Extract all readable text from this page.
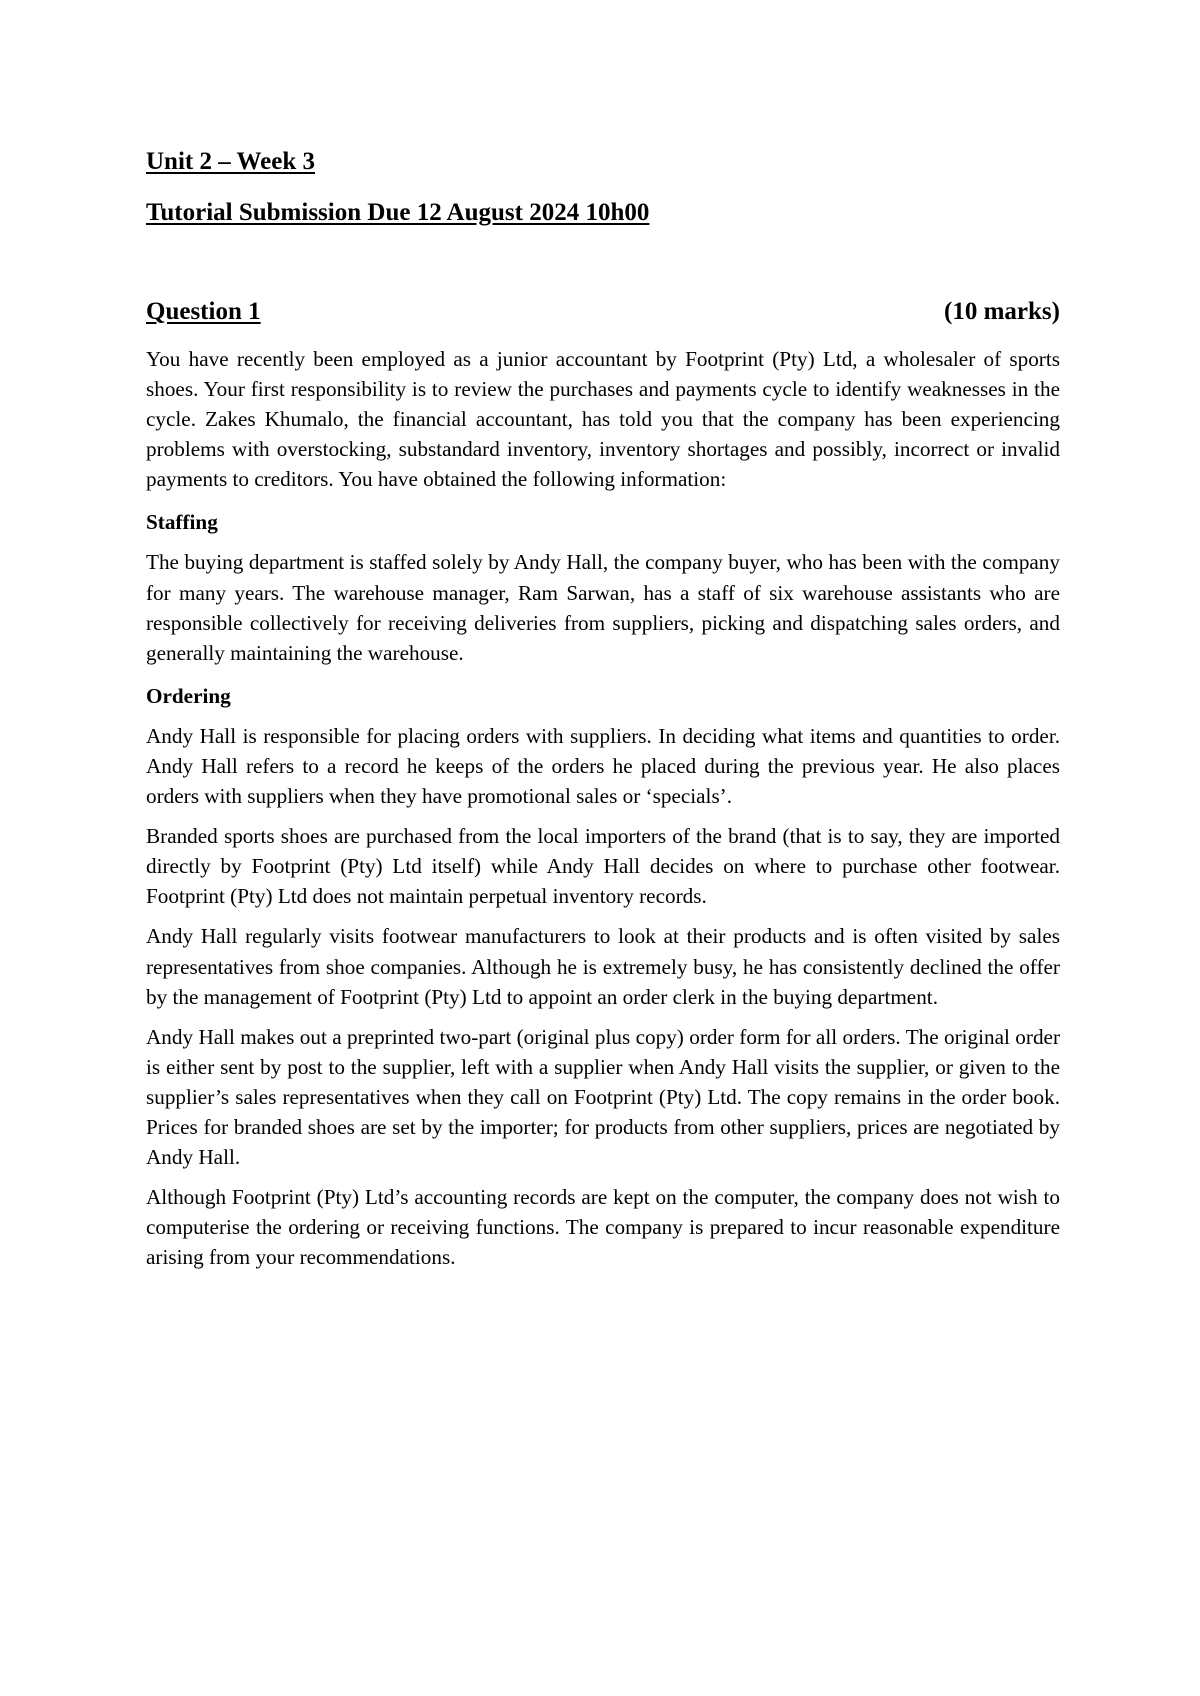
Unit 2 – Week 3
Tutorial Submission Due 12 August 2024 10h00
Question 1	(10 marks)

You have recently been employed as a junior accountant by Footprint (Pty) Ltd, a wholesaler of sports shoes. Your first responsibility is to review the purchases and payments cycle to identify weaknesses in the cycle. Zakes Khumalo, the financial accountant, has told you that the company has been experiencing problems with overstocking, substandard inventory, inventory shortages and possibly, incorrect or invalid payments to creditors. You have obtained the following information:

Staffing

The buying department is staffed solely by Andy Hall, the company buyer, who has been with the company for many years. The warehouse manager, Ram Sarwan, has a staff of six warehouse assistants who are responsible collectively for receiving deliveries from suppliers, picking and dispatching sales orders, and generally maintaining the warehouse.

Ordering

Andy Hall is responsible for placing orders with suppliers. In deciding what items and quantities to order. Andy Hall refers to a record he keeps of the orders he placed during the previous year. He also places orders with suppliers when they have promotional sales or ‘specials’.

Branded sports shoes are purchased from the local importers of the brand (that is to say, they are imported directly by Footprint (Pty) Ltd itself) while Andy Hall decides on where to purchase other footwear. Footprint (Pty) Ltd does not maintain perpetual inventory records.

Andy Hall regularly visits footwear manufacturers to look at their products and is often visited by sales representatives from shoe companies. Although he is extremely busy, he has consistently declined the offer by the management of Footprint (Pty) Ltd to appoint an order clerk in the buying department.

Andy Hall makes out a preprinted two-part (original plus copy) order form for all orders. The original order is either sent by post to the supplier, left with a supplier when Andy Hall visits the supplier, or given to the supplier’s sales representatives when they call on Footprint (Pty) Ltd. The copy remains in the order book. Prices for branded shoes are set by the importer; for products from other suppliers, prices are negotiated by Andy Hall.

Although Footprint (Pty) Ltd’s accounting records are kept on the computer, the company does not wish to computerise the ordering or receiving functions. The company is prepared to incur reasonable expenditure arising from your recommendations.
